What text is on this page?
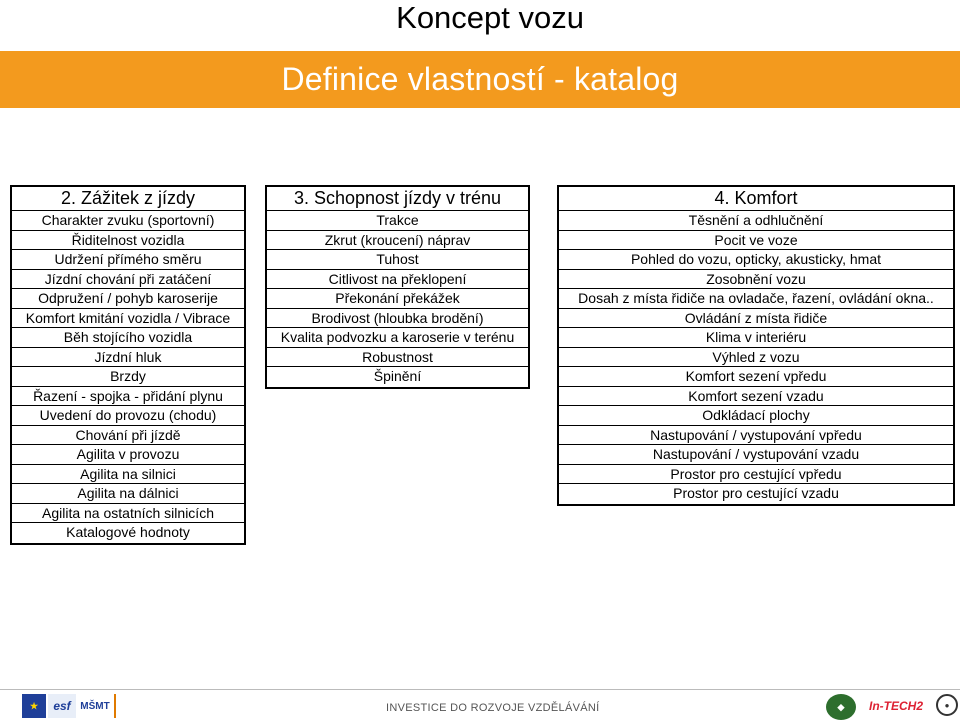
Koncept vozu
Definice vlastností - katalog
2. Zážitek z jízdy
Charakter zvuku (sportovní)
Řiditelnost vozidla
Udržení přímého směru
Jízdní chování při zatáčení
Odpružení / pohyb karoserije
Komfort kmitání vozidla / Vibrace
Běh stojícího vozidla
Jízdní hluk
Brzdy
Řazení - spojka - přidání plynu
Uvedení do provozu (chodu)
Chování při jízdě
Agilita v provozu
Agilita na silnici
Agilita na dálnici
Agilita na ostatních silnicích
Katalogové hodnoty
3. Schopnost jízdy v trénu
Trakce
Zkrut (kroucení) náprav
Tuhost
Citlivost na překlopení
Překonání překážek
Brodivost (hloubka brodění)
Kvalita podvozku a karoserie v terénu
Robustnost
Špinění
4. Komfort
Těsnění a odhlučnění
Pocit ve voze
Pohled do vozu, opticky, akusticky, hmat
Zosobnění vozu
Dosah z místa řidiče na ovladače, řazení, ovládání okna..
Ovládání z místa řidiče
Klima v interiéru
Výhled z vozu
Komfort sezení vpředu
Komfort sezení vzadu
Odkládací plochy
Nastupování / vystupování vpředu
Nastupování / vystupování vzadu
Prostor pro cestující vpředu
Prostor pro cestující vzadu
★	esf MŠMT	INVESTICE DO ROZVOJE VZDĚLÁVÁNÍ	◆	In-TECH2	●
